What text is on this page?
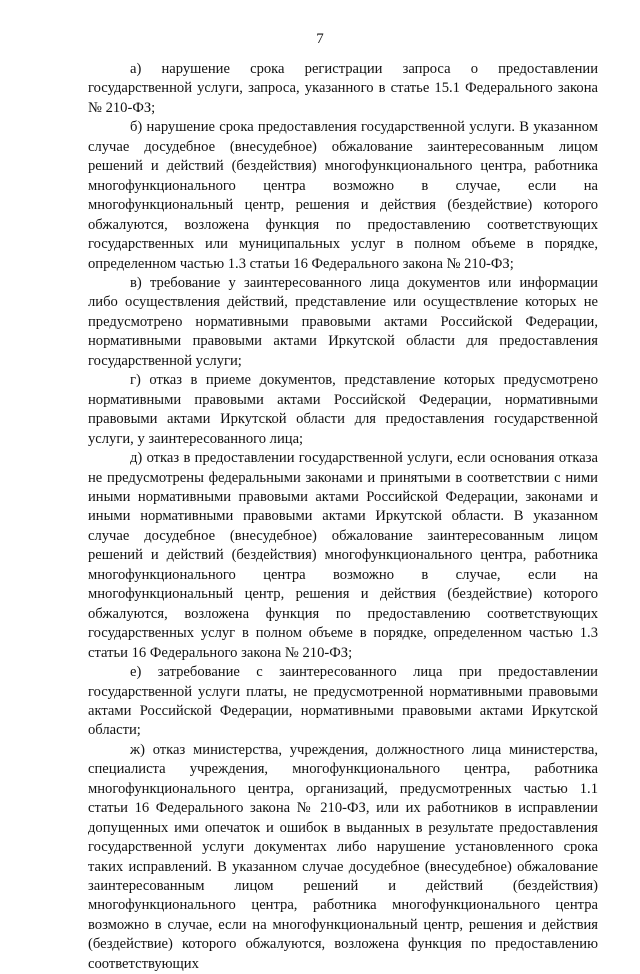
7

а) нарушение срока регистрации запроса о предоставлении государственной услуги, запроса, указанного в статье 15.1 Федерального закона № 210-ФЗ;

б) нарушение срока предоставления государственной услуги. В указанном случае досудебное (внесудебное) обжалование заинтересованным лицом решений и действий (бездействия) многофункционального центра, работника многофункционального центра возможно в случае, если на многофункциональный центр, решения и действия (бездействие) которого обжалуются, возложена функция по предоставлению соответствующих государственных или муниципальных услуг в полном объеме в порядке, определенном частью 1.3 статьи 16 Федерального закона № 210-ФЗ;

в) требование у заинтересованного лица документов или информации либо осуществления действий, представление или осуществление которых не предусмотрено нормативными правовыми актами Российской Федерации, нормативными правовыми актами Иркутской области для предоставления государственной услуги;

г) отказ в приеме документов, представление которых предусмотрено нормативными правовыми актами Российской Федерации, нормативными правовыми актами Иркутской области для предоставления государственной услуги, у заинтересованного лица;

д) отказ в предоставлении государственной услуги, если основания отказа не предусмотрены федеральными законами и принятыми в соответствии с ними иными нормативными правовыми актами Российской Федерации, законами и иными нормативными правовыми актами Иркутской области. В указанном случае досудебное (внесудебное) обжалование заинтересованным лицом решений и действий (бездействия) многофункционального центра, работника многофункционального центра возможно в случае, если на многофункциональный центр, решения и действия (бездействие) которого обжалуются, возложена функция по предоставлению соответствующих государственных услуг в полном объеме в порядке, определенном частью 1.3 статьи 16 Федерального закона № 210-ФЗ;

е) затребование с заинтересованного лица при предоставлении государственной услуги платы, не предусмотренной нормативными правовыми актами Российской Федерации, нормативными правовыми актами Иркутской области;

ж) отказ министерства, учреждения, должностного лица министерства, специалиста учреждения, многофункционального центра, работника многофункционального центра, организаций, предусмотренных частью 1.1 статьи 16 Федерального закона № 210-ФЗ, или их работников в исправлении допущенных ими опечаток и ошибок в выданных в результате предоставления государственной услуги документах либо нарушение установленного срока таких исправлений. В указанном случае досудебное (внесудебное) обжалование заинтересованным лицом решений и действий (бездействия) многофункционального центра, работника многофункционального центра возможно в случае, если на многофункциональный центр, решения и действия (бездействие) которого обжалуются, возложена функция по предоставлению соответствующих
